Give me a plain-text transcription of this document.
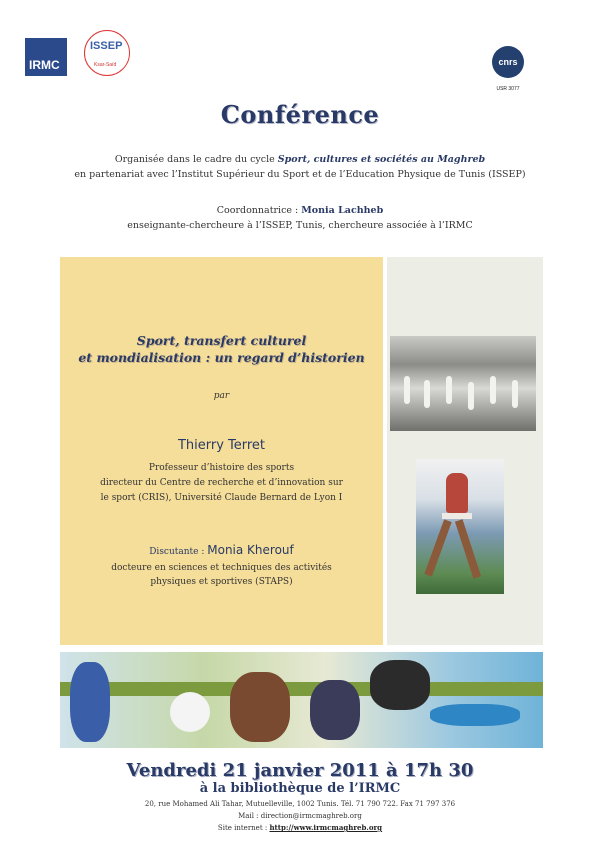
IRMC
ISSEP
Ksar-Saïd	cnrs
USR 3077
Conférence
Organisée dans le cadre du cycle Sport, cultures et sociétés au Maghreb
en partenariat avec l’Institut Supérieur du Sport et de l’Education Physique de Tunis (ISSEP)
Coordonnatrice : Monia Lachheb
enseignante-chercheure à l’ISSEP, Tunis, chercheure associée à l’IRMC
Sport, transfert culturel
et mondialisation : un regard d’historien
par
Thierry Terret
Professeur d’histoire des sports
directeur du Centre de recherche et d’innovation sur
le sport (CRIS), Université Claude Bernard de Lyon I
Discutante : Monia Kherouf
docteure en sciences et techniques des activités
physiques et sportives (STAPS)
Vendredi 21 janvier 2011 à 17h 30
à la bibliothèque de l’IRMC
20, rue Mohamed Ali Tahar, Mutuelleville, 1002 Tunis. Tél. 71 790 722. Fax 71 797 376
Mail : direction@irmcmaghreb.org
Site internet : http://www.irmcmaghreb.org
